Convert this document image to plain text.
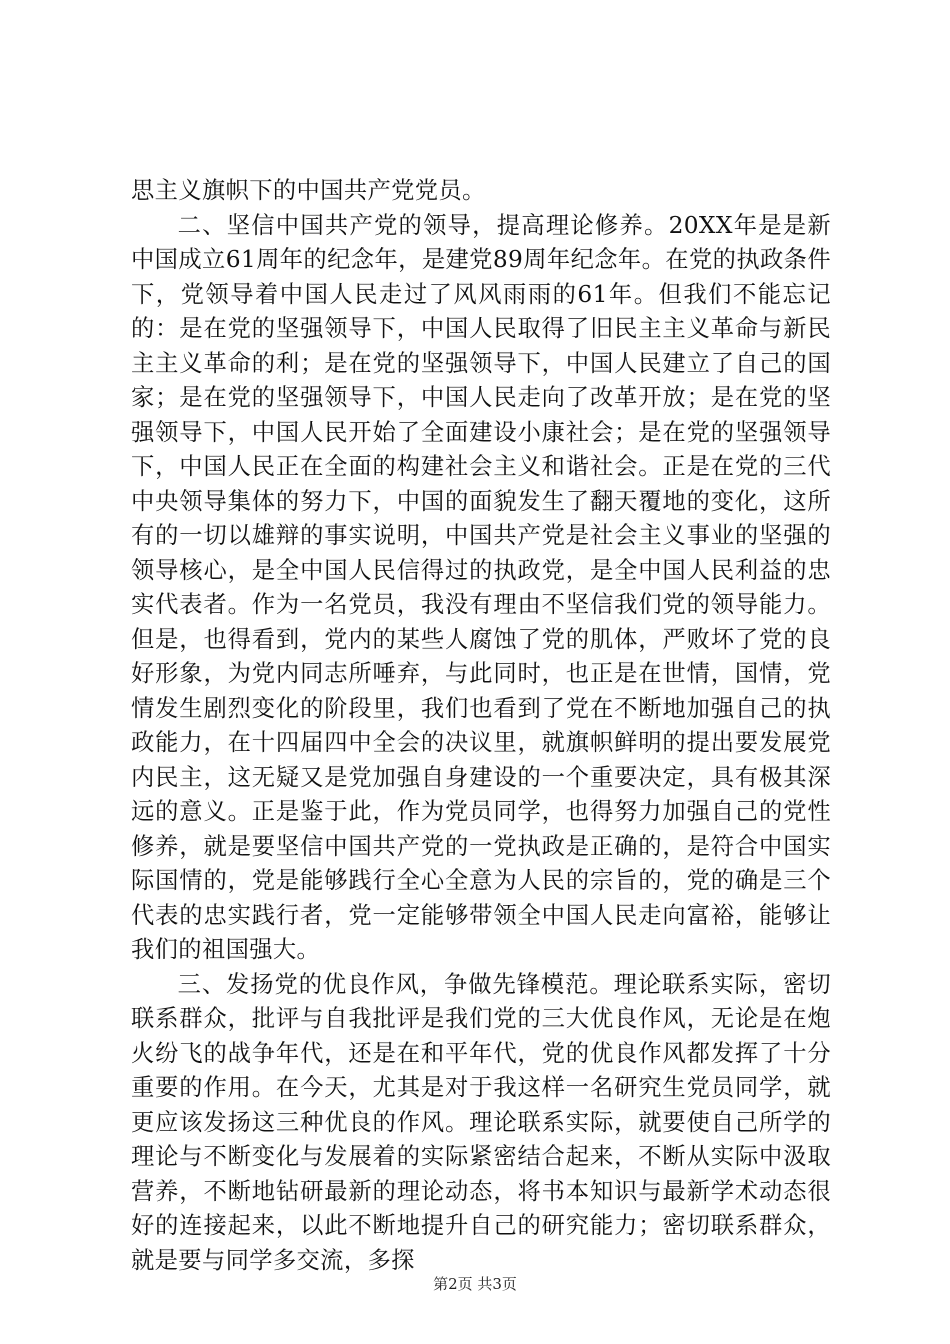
思主义旗帜下的中国共产党党员。

二、坚信中国共产党的领导，提高理论修养。20XX年是是新中国成立61周年的纪念年，是建党89周年纪念年。在党的执政条件下，党领导着中国人民走过了风风雨雨的61年。但我们不能忘记的：是在党的坚强领导下，中国人民取得了旧民主主义革命与新民主主义革命的利；是在党的坚强领导下，中国人民建立了自己的国家；是在党的坚强领导下，中国人民走向了改革开放；是在党的坚强领导下，中国人民开始了全面建设小康社会；是在党的坚强领导下，中国人民正在全面的构建社会主义和谐社会。正是在党的三代中央领导集体的努力下，中国的面貌发生了翻天覆地的变化，这所有的一切以雄辩的事实说明，中国共产党是社会主义事业的坚强的领导核心，是全中国人民信得过的执政党，是全中国人民利益的忠实代表者。作为一名党员，我没有理由不坚信我们党的领导能力。但是，也得看到，党内的某些人腐蚀了党的肌体，严败坏了党的良好形象，为党内同志所唾弃，与此同时，也正是在世情，国情，党情发生剧烈变化的阶段里，我们也看到了党在不断地加强自己的执政能力，在十四届四中全会的决议里，就旗帜鲜明的提出要发展党内民主，这无疑又是党加强自身建设的一个重要决定，具有极其深远的意义。正是鉴于此，作为党员同学，也得努力加强自己的党性修养，就是要坚信中国共产党的一党执政是正确的，是符合中国实际国情的，党是能够践行全心全意为人民的宗旨的，党的确是三个代表的忠实践行者，党一定能够带领全中国人民走向富裕，能够让我们的祖国强大。

三、发扬党的优良作风，争做先锋模范。理论联系实际，密切联系群众，批评与自我批评是我们党的三大优良作风，无论是在炮火纷飞的战争年代，还是在和平年代，党的优良作风都发挥了十分重要的作用。在今天，尤其是对于我这样一名研究生党员同学，就更应该发扬这三种优良的作风。理论联系实际，就要使自己所学的理论与不断变化与发展着的实际紧密结合起来，不断从实际中汲取营养，不断地钻研最新的理论动态，将书本知识与最新学术动态很好的连接起来，以此不断地提升自己的研究能力；密切联系群众，就是要与同学多交流，多探

第2页 共3页
